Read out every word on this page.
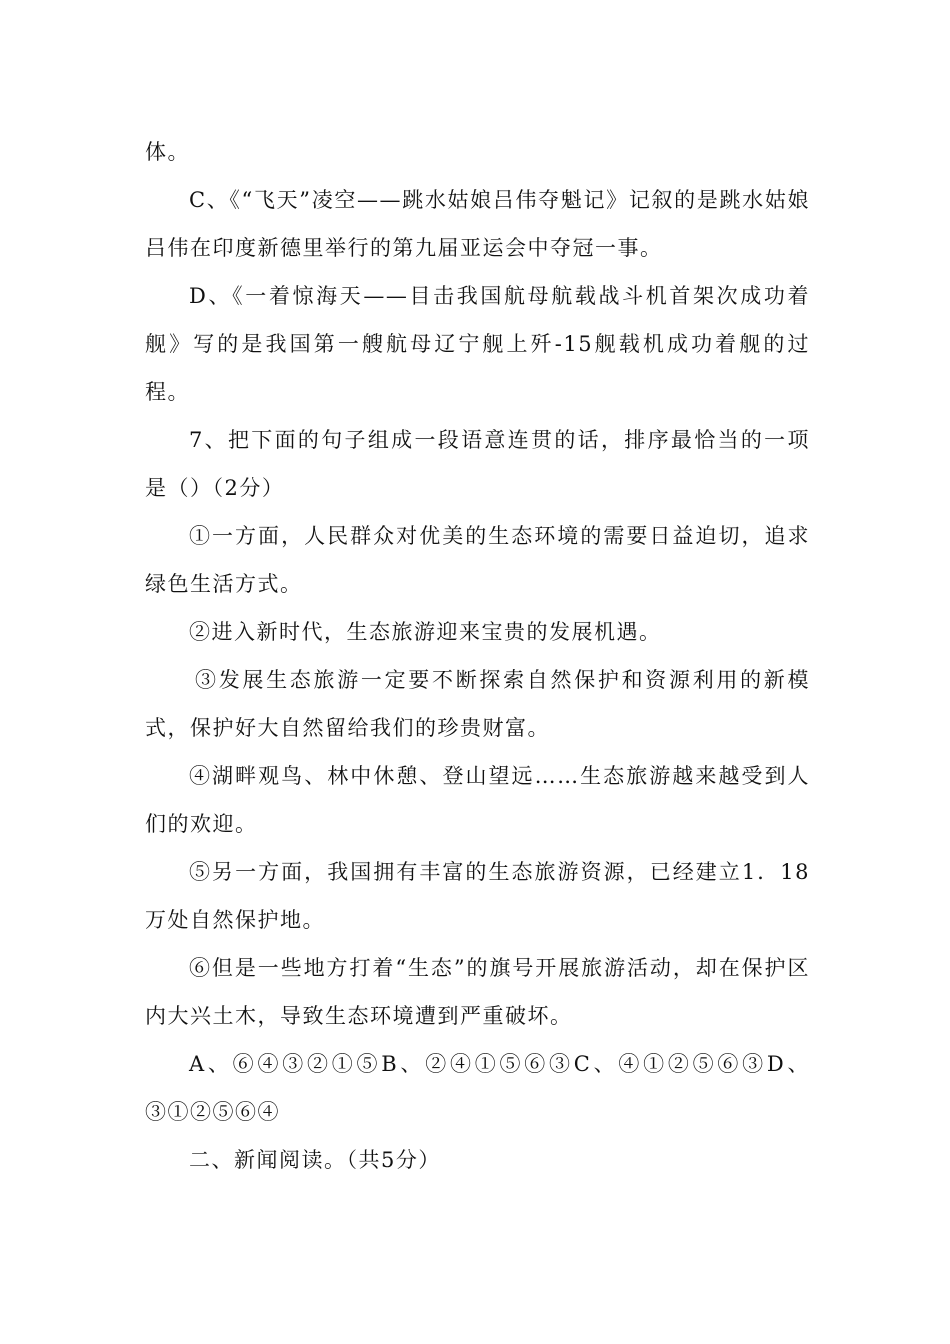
体。

C、《“飞天”凌空——跳水姑娘吕伟夺魁记》记叙的是跳水姑娘吕伟在印度新德里举行的第九届亚运会中夺冠一事。

D、《一着惊海天——目击我国航母航载战斗机首架次成功着舰》写的是我国第一艘航母辽宁舰上歼-15舰载机成功着舰的过程。

7、把下面的句子组成一段语意连贯的话，排序最恰当的一项是（）（2分）

①一方面，人民群众对优美的生态环境的需要日益迫切，追求绿色生活方式。

②进入新时代，生态旅游迎来宝贵的发展机遇。

③发展生态旅游一定要不断探索自然保护和资源利用的新模式，保护好大自然留给我们的珍贵财富。

④湖畔观鸟、林中休憩、登山望远……生态旅游越来越受到人们的欢迎。

⑤另一方面，我国拥有丰富的生态旅游资源，已经建立1．18万处自然保护地。

⑥但是一些地方打着“生态”的旗号开展旅游活动，却在保护区内大兴土木，导致生态环境遭到严重破坏。

A、⑥④③②①⑤B、②④①⑤⑥③C、④①②⑤⑥③D、③①②⑤⑥④

二、新闻阅读。（共5分）
